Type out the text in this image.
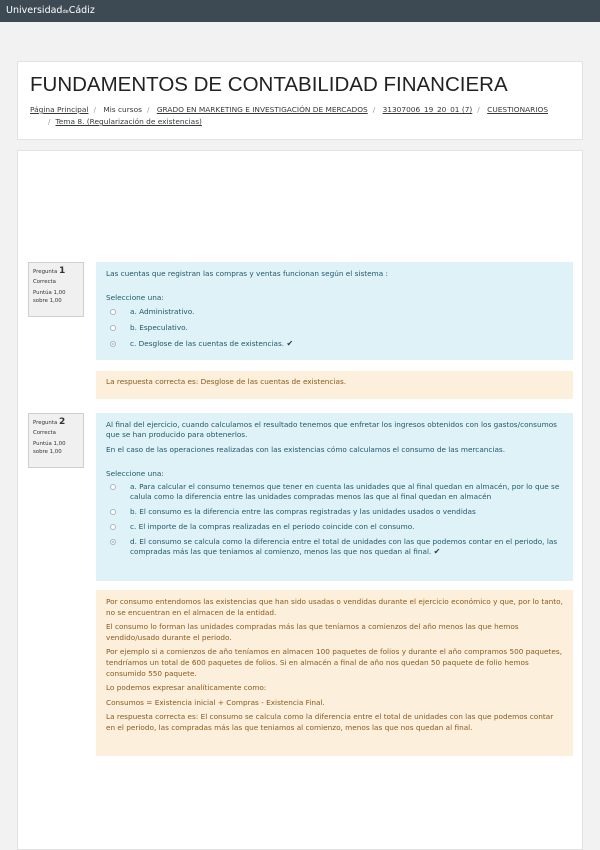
UniversidaddeCádiz
FUNDAMENTOS DE CONTABILIDAD FINANCIERA
Página Principal / Mis cursos / GRADO EN MARKETING E INVESTIGACIÓN DE MERCADOS / 31307006_19_20_01 (7) / CUESTIONARIOS
/ Tema 8. (Regularización de existencias)
Pregunta 1
Correcta
Puntúa 1,00 sobre 1,00

Las cuentas que registran las compras y ventas funcionan según el sistema :

Seleccione una:

a. Administrativo.
b. Especulativo.
c. Desglose de las cuentas de existencias. ✔

La respuesta correcta es: Desglose de las cuentas de existencias.

Pregunta 2
Correcta
Puntúa 1,00 sobre 1,00

Al final del ejercicio, cuando calculamos el resultado tenemos que enfretar los ingresos obtenidos con los gastos/consumos que se han producido para obtenerlos.

En el caso de las operaciones realizadas con las existencias cómo calculamos el consumo de las mercancias.

Seleccione una:

a. Para calcular el consumo tenemos que tener en cuenta las unidades que al final quedan en almacén, por lo que se calula como la diferencia entre las unidades compradas menos las que al final quedan en almacén
b. El consumo es la diferencia entre las compras registradas y las unidades usados o vendidas
c. El importe de la compras realizadas en el periodo coincide con el consumo.
d. El consumo se calcula como la diferencia entre el total de unidades con las que podemos contar en el periodo, las compradas más las que teniamos al comienzo, menos las que nos quedan al final. ✔

Por consumo entendomos las existencias que han sido usadas o vendidas durante el ejercicio económico y que, por lo tanto, no se encuentran en el almacen de la entidad.

El consumo lo forman las unidades compradas más las que teníamos a comienzos del año menos las que hemos vendido/usado durante el periodo.

Por ejemplo si a comienzos de año teníamos en almacen 100 paquetes de folios y durante el año compramos 500 paquetes, tendríamos un total de 600 paquetes de folios. Si en almacén a final de año nos quedan 50 paquete de folio hemos consumido 550 paquete.

Lo podemos expresar analíticamente como:

Consumos = Existencia inicial + Compras - Existencia Final.

La respuesta correcta es: El consumo se calcula como la diferencia entre el total de unidades con las que podemos contar en el periodo, las compradas más las que teniamos al comienzo, menos las que nos quedan al final.
